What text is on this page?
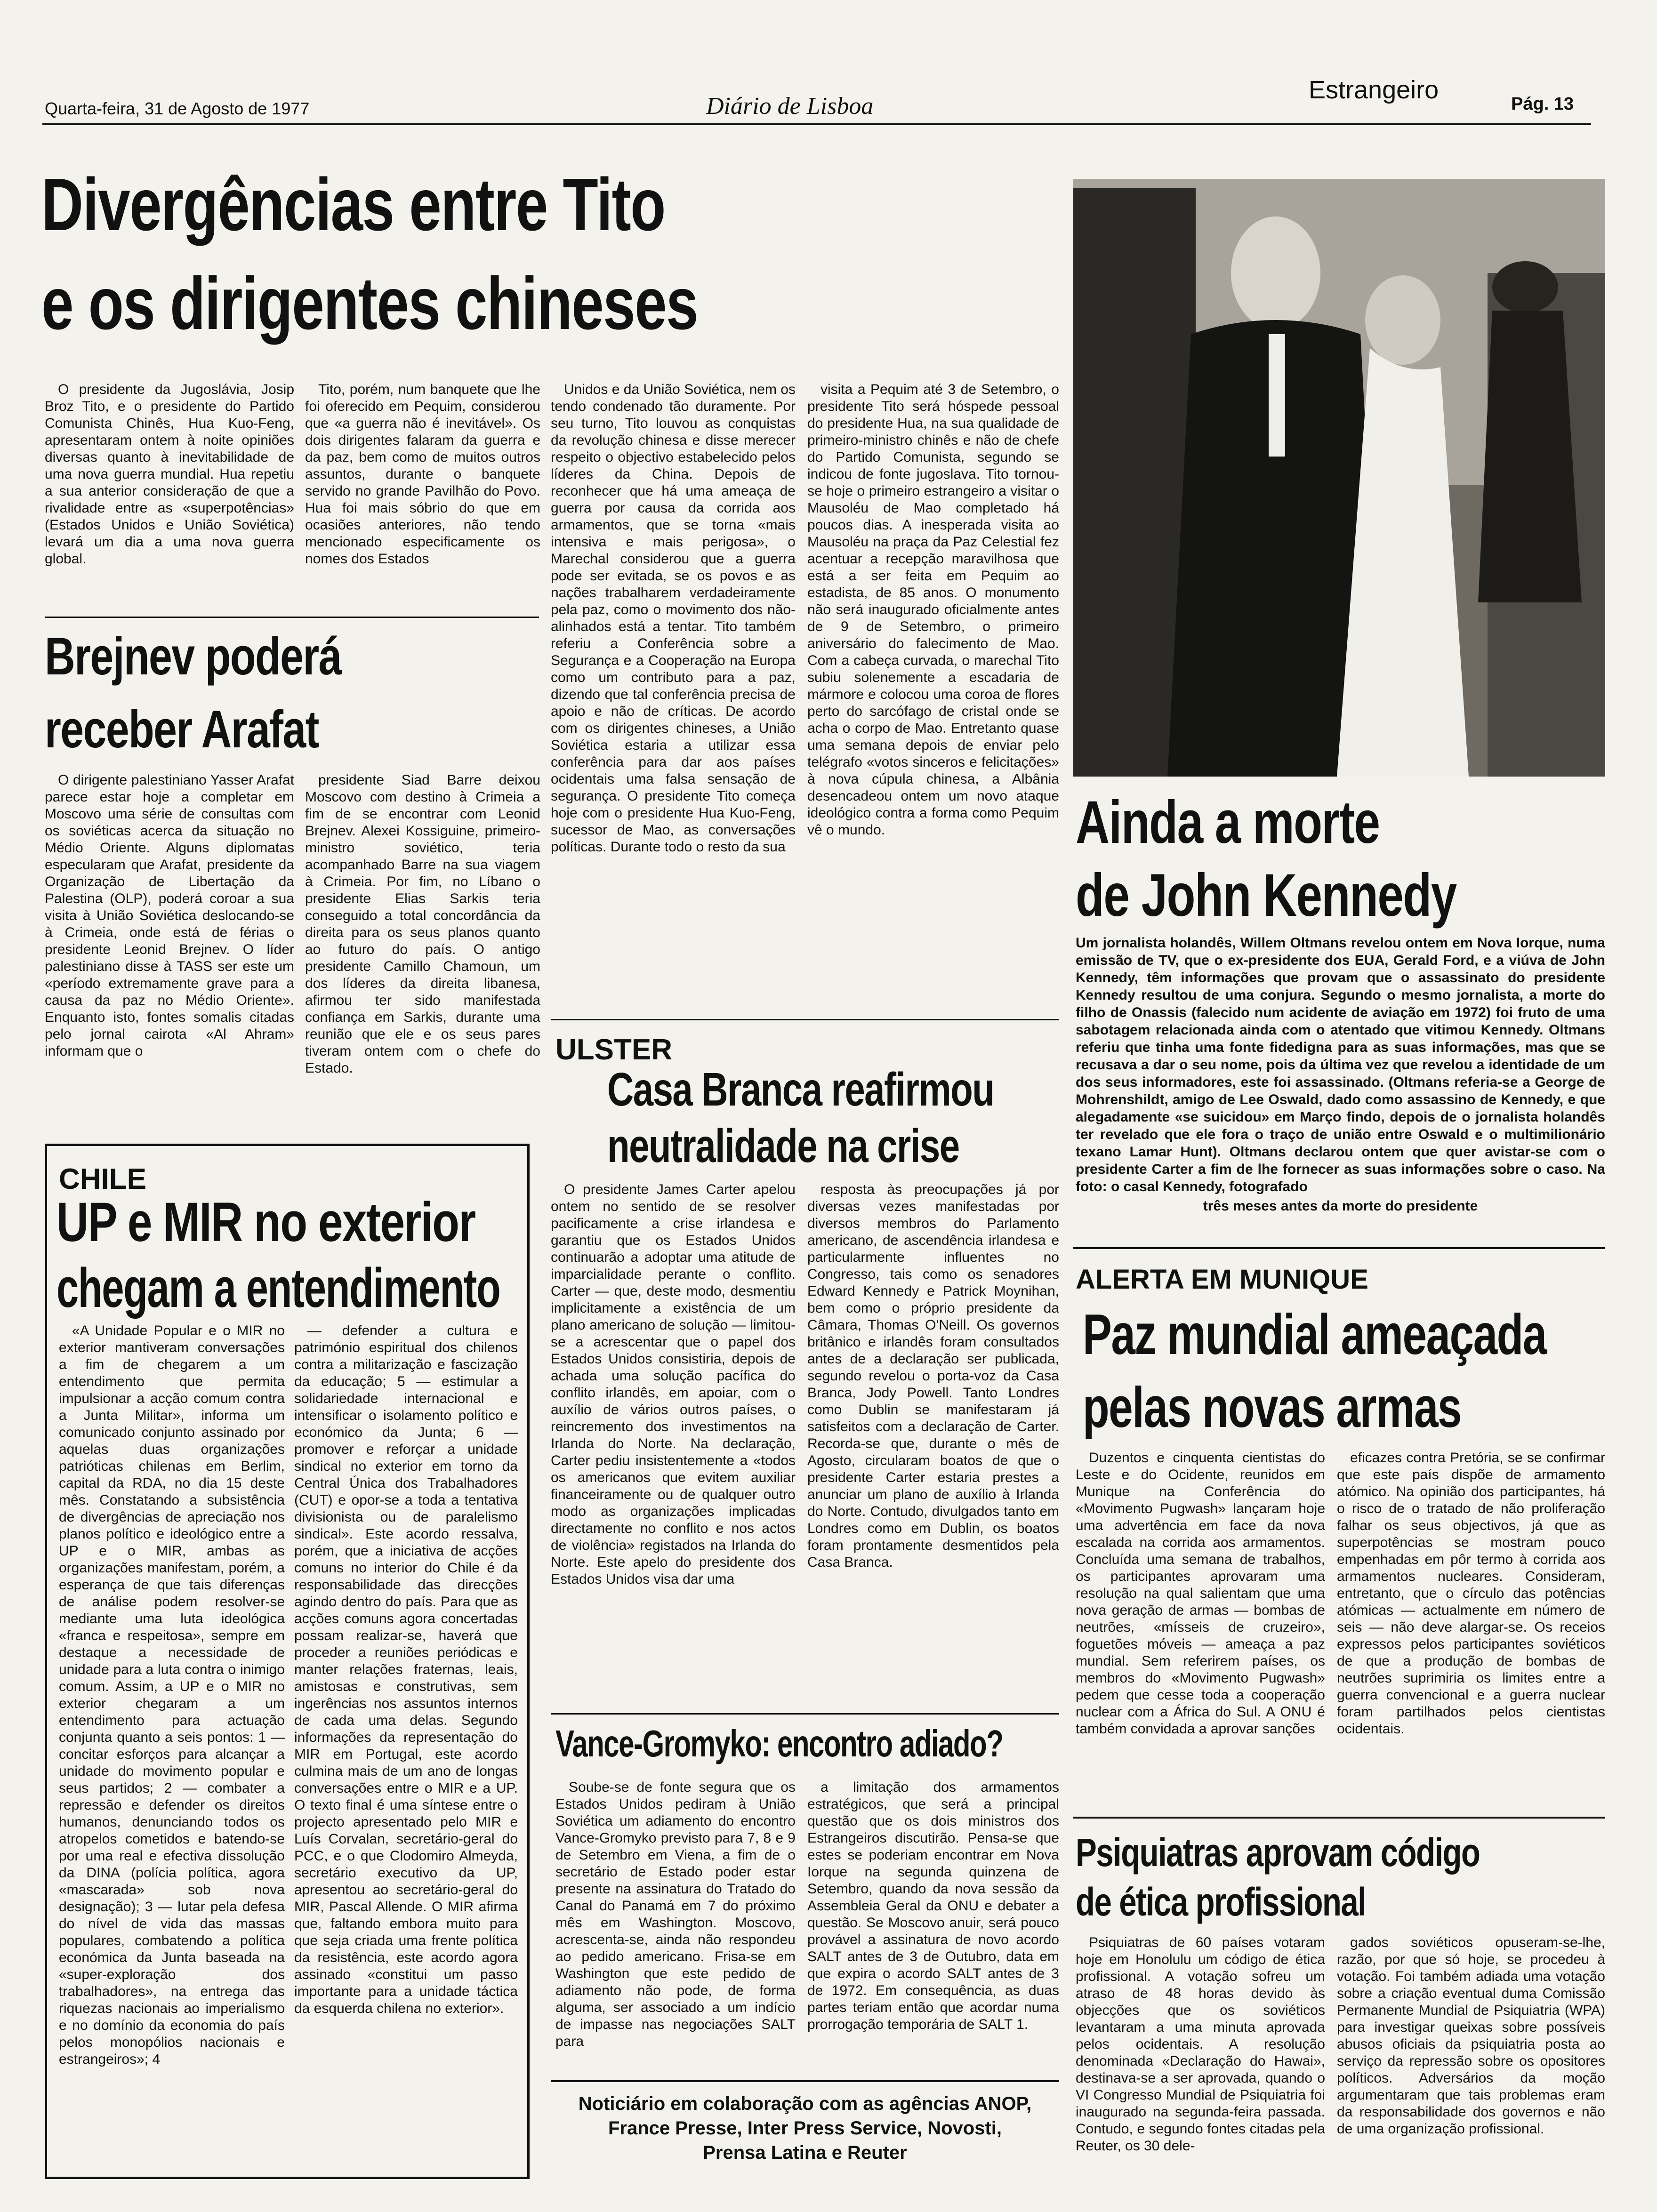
Quarta-feira, 31 de Agosto de 1977	Diário de Lisboa
Estrangeiro	Pág. 13
Divergências entre Tito
e os dirigentes chineses

O presidente da Jugoslávia, Josip Broz Tito, e o presidente do Partido Comunista Chinês, Hua Kuo-Feng, apresentaram ontem à noite opiniões diversas quanto à inevitabilidade de uma nova guerra mundial. Hua repetiu a sua anterior consideração de que a rivalidade entre as «superpotências» (Estados Unidos e União Soviética) levará um dia a uma nova guerra global.

Tito, porém, num banquete que lhe foi oferecido em Pequim, considerou que «a guerra não é inevitável». Os dois dirigentes falaram da guerra e da paz, bem como de muitos outros assuntos, durante o banquete servido no grande Pavilhão do Povo. Hua foi mais sóbrio do que em ocasiões anteriores, não tendo mencionado especificamente os nomes dos Estados

Unidos e da União Soviética, nem os tendo condenado tão duramente. Por seu turno, Tito louvou as conquistas da revolução chinesa e disse merecer respeito o objectivo estabelecido pelos líderes da China. Depois de reconhecer que há uma ameaça de guerra por causa da corrida aos armamentos, que se torna «mais intensiva e mais perigosa», o Marechal considerou que a guerra pode ser evitada, se os povos e as nações trabalharem verdadeiramente pela paz, como o movimento dos não-alinhados está a tentar. Tito também referiu a Conferência sobre a Segurança e a Cooperação na Europa como um contributo para a paz, dizendo que tal conferência precisa de apoio e não de críticas. De acordo com os dirigentes chineses, a União Soviética estaria a utilizar essa conferência para dar aos países ocidentais uma falsa sensação de segurança. O presidente Tito começa hoje com o presidente Hua Kuo-Feng, sucessor de Mao, as conversações políticas. Durante todo o resto da sua

visita a Pequim até 3 de Setembro, o presidente Tito será hóspede pessoal do presidente Hua, na sua qualidade de primeiro-ministro chinês e não de chefe do Partido Comunista, segundo se indicou de fonte jugoslava. Tito tornou-se hoje o primeiro estrangeiro a visitar o Mausoléu de Mao completado há poucos dias. A inesperada visita ao Mausoléu na praça da Paz Celestial fez acentuar a recepção maravilhosa que está a ser feita em Pequim ao estadista, de 85 anos. O monumento não será inaugurado oficialmente antes de 9 de Setembro, o primeiro aniversário do falecimento de Mao. Com a cabeça curvada, o marechal Tito subiu solenemente a escadaria de mármore e colocou uma coroa de flores perto do sarcófago de cristal onde se acha o corpo de Mao. Entretanto quase uma semana depois de enviar pelo telégrafo «votos sinceros e felicitações» à nova cúpula chinesa, a Albânia desencadeou ontem um novo ataque ideológico contra a forma como Pequim vê o mundo.

Brejnev poderá
receber Arafat

O dirigente palestiniano Yasser Arafat parece estar hoje a completar em Moscovo uma série de consultas com os soviéticas acerca da situação no Médio Oriente. Alguns diplomatas especularam que Arafat, presidente da Organização de Libertação da Palestina (OLP), poderá coroar a sua visita à União Soviética deslocando-se à Crimeia, onde está de férias o presidente Leonid Brejnev. O líder palestiniano disse à TASS ser este um «período extremamente grave para a causa da paz no Médio Oriente». Enquanto isto, fontes somalis citadas pelo jornal cairota «Al Ahram» informam que o

presidente Siad Barre deixou Moscovo com destino à Crimeia a fim de se encontrar com Leonid Brejnev. Alexei Kossiguine, primeiro-ministro soviético, teria acompanhado Barre na sua viagem à Crimeia. Por fim, no Líbano o presidente Elias Sarkis teria conseguido a total concordância da direita para os seus planos quanto ao futuro do país. O antigo presidente Camillo Chamoun, um dos líderes da direita libanesa, afirmou ter sido manifestada confiança em Sarkis, durante uma reunião que ele e os seus pares tiveram ontem com o chefe do Estado.

ULSTER
Casa Branca reafirmou
neutralidade na crise

O presidente James Carter apelou ontem no sentido de se resolver pacificamente a crise irlandesa e garantiu que os Estados Unidos continuarão a adoptar uma atitude de imparcialidade perante o conflito. Carter — que, deste modo, desmentiu implicitamente a existência de um plano americano de solução — limitou-se a acrescentar que o papel dos Estados Unidos consistiria, depois de achada uma solução pacífica do conflito irlandês, em apoiar, com o auxílio de vários outros países, o reincremento dos investimentos na Irlanda do Norte. Na declaração, Carter pediu insistentemente a «todos os americanos que evitem auxiliar financeiramente ou de qualquer outro modo as organizações implicadas directamente no conflito e nos actos de violência» registados na Irlanda do Norte. Este apelo do presidente dos Estados Unidos visa dar uma

resposta às preocupações já por diversas vezes manifestadas por diversos membros do Parlamento americano, de ascendência irlandesa e particularmente influentes no Congresso, tais como os senadores Edward Kennedy e Patrick Moynihan, bem como o próprio presidente da Câmara, Thomas O'Neill. Os governos britânico e irlandês foram consultados antes de a declaração ser publicada, segundo revelou o porta-voz da Casa Branca, Jody Powell. Tanto Londres como Dublin se manifestaram já satisfeitos com a declaração de Carter. Recorda-se que, durante o mês de Agosto, circularam boatos de que o presidente Carter estaria prestes a anunciar um plano de auxílio à Irlanda do Norte. Contudo, divulgados tanto em Londres como em Dublin, os boatos foram prontamente desmentidos pela Casa Branca.

CHILE
UP e MIR no exterior
chegam a entendimento

«A Unidade Popular e o MIR no exterior mantiveram conversações a fim de chegarem a um entendimento que permita impulsionar a acção comum contra a Junta Militar», informa um comunicado conjunto assinado por aquelas duas organizações patrióticas chilenas em Berlim, capital da RDA, no dia 15 deste mês. Constatando a subsistência de divergências de apreciação nos planos político e ideológico entre a UP e o MIR, ambas as organizações manifestam, porém, a esperança de que tais diferenças de análise podem resolver-se mediante uma luta ideológica «franca e respeitosa», sempre em destaque a necessidade de unidade para a luta contra o inimigo comum. Assim, a UP e o MIR no exterior chegaram a um entendimento para actuação conjunta quanto a seis pontos: 1 — concitar esforços para alcançar a unidade do movimento popular e seus partidos; 2 — combater a repressão e defender os direitos humanos, denunciando todos os atropelos cometidos e batendo-se por uma real e efectiva dissolução da DINA (polícia política, agora «mascarada» sob nova designação); 3 — lutar pela defesa do nível de vida das massas populares, combatendo a política económica da Junta baseada na «super-exploração dos trabalhadores», na entrega das riquezas nacionais ao imperialismo e no domínio da economia do país pelos monopólios nacionais e estrangeiros»; 4

— defender a cultura e património espiritual dos chilenos contra a militarização e fascização da educação; 5 — estimular a solidariedade internacional e intensificar o isolamento político e económico da Junta; 6 — promover e reforçar a unidade sindical no exterior em torno da Central Única dos Trabalhadores (CUT) e opor-se a toda a tentativa divisionista ou de paralelismo sindical». Este acordo ressalva, porém, que a iniciativa de acções comuns no interior do Chile é da responsabilidade das direcções agindo dentro do país. Para que as acções comuns agora concertadas possam realizar-se, haverá que proceder a reuniões periódicas e manter relações fraternas, leais, amistosas e construtivas, sem ingerências nos assuntos internos de cada uma delas. Segundo informações da representação do MIR em Portugal, este acordo culmina mais de um ano de longas conversações entre o MIR e a UP. O texto final é uma síntese entre o projecto apresentado pelo MIR e Luís Corvalan, secretário-geral do PCC, e o que Clodomiro Almeyda, secretário executivo da UP, apresentou ao secretário-geral do MIR, Pascal Allende. O MIR afirma que, faltando embora muito para que seja criada uma frente política da resistência, este acordo agora assinado «constitui um passo importante para a unidade táctica da esquerda chilena no exterior».

Vance-Gromyko: encontro adiado?

Soube-se de fonte segura que os Estados Unidos pediram à União Soviética um adiamento do encontro Vance-Gromyko previsto para 7, 8 e 9 de Setembro em Viena, a fim de o secretário de Estado poder estar presente na assinatura do Tratado do Canal do Panamá em 7 do próximo mês em Washington. Moscovo, acrescenta-se, ainda não respondeu ao pedido americano. Frisa-se em Washington que este pedido de adiamento não pode, de forma alguma, ser associado a um indício de impasse nas negociações SALT para

a limitação dos armamentos estratégicos, que será a principal questão que os dois ministros dos Estrangeiros discutirão. Pensa-se que estes se poderiam encontrar em Nova Iorque na segunda quinzena de Setembro, quando da nova sessão da Assembleia Geral da ONU e debater a questão. Se Moscovo anuir, será pouco provável a assinatura de novo acordo SALT antes de 3 de Outubro, data em que expira o acordo SALT antes de 3 de 1972. Em consequência, as duas partes teriam então que acordar numa prorrogação temporária de SALT 1.

Noticiário em colaboração com as agências ANOP,
France Presse, Inter Press Service, Novosti,
Prensa Latina e Reuter
Ainda a morte
de John Kennedy

Um jornalista holandês, Willem Oltmans revelou ontem em Nova Iorque, numa emissão de TV, que o ex-presidente dos EUA, Gerald Ford, e a viúva de John Kennedy, têm informações que provam que o assassinato do presidente Kennedy resultou de uma conjura. Segundo o mesmo jornalista, a morte do filho de Onassis (falecido num acidente de aviação em 1972) foi fruto de uma sabotagem relacionada ainda com o atentado que vitimou Kennedy. Oltmans referiu que tinha uma fonte fidedigna para as suas informações, mas que se recusava a dar o seu nome, pois da última vez que revelou a identidade de um dos seus informadores, este foi assassinado. (Oltmans referia-se a George de Mohrenshildt, amigo de Lee Oswald, dado como assassino de Kennedy, e que alegadamente «se suicidou» em Março findo, depois de o jornalista holandês ter revelado que ele fora o traço de união entre Oswald e o multimilionário texano Lamar Hunt). Oltmans declarou ontem que quer avistar-se com o presidente Carter a fim de lhe fornecer as suas informações sobre o caso. Na foto: o casal Kennedy, fotografado

três meses antes da morte do presidente

ALERTA EM MUNIQUE
Paz mundial ameaçada
pelas novas armas

Duzentos e cinquenta cientistas do Leste e do Ocidente, reunidos em Munique na Conferência do «Movimento Pugwash» lançaram hoje uma advertência em face da nova escalada na corrida aos armamentos. Concluída uma semana de trabalhos, os participantes aprovaram uma resolução na qual salientam que uma nova geração de armas — bombas de neutrões, «mísseis de cruzeiro», foguetões móveis — ameaça a paz mundial. Sem referirem países, os membros do «Movimento Pugwash» pedem que cesse toda a cooperação nuclear com a África do Sul. A ONU é também convidada a aprovar sanções

eficazes contra Pretória, se se confirmar que este país dispõe de armamento atómico. Na opinião dos participantes, há o risco de o tratado de não proliferação falhar os seus objectivos, já que as superpotências se mostram pouco empenhadas em pôr termo à corrida aos armamentos nucleares. Consideram, entretanto, que o círculo das potências atómicas — actualmente em número de seis — não deve alargar-se. Os receios expressos pelos participantes soviéticos de que a produção de bombas de neutrões suprimiria os limites entre a guerra convencional e a guerra nuclear foram partilhados pelos cientistas ocidentais.

Psiquiatras aprovam código
de ética profissional

Psiquiatras de 60 países votaram hoje em Honolulu um código de ética profissional. A votação sofreu um atraso de 48 horas devido às objecções que os soviéticos levantaram a uma minuta aprovada pelos ocidentais. A resolução denominada «Declaração do Hawai», destinava-se a ser aprovada, quando o VI Congresso Mundial de Psiquiatria foi inaugurado na segunda-feira passada. Contudo, e segundo fontes citadas pela Reuter, os 30 dele-

gados soviéticos opuseram-se-lhe, razão, por que só hoje, se procedeu à votação. Foi também adiada uma votação sobre a criação eventual duma Comissão Permanente Mundial de Psiquiatria (WPA) para investigar queixas sobre possíveis abusos oficiais da psiquiatria posta ao serviço da repressão sobre os opositores políticos. Adversários da moção argumentaram que tais problemas eram da responsabilidade dos governos e não de uma organização profissional.
